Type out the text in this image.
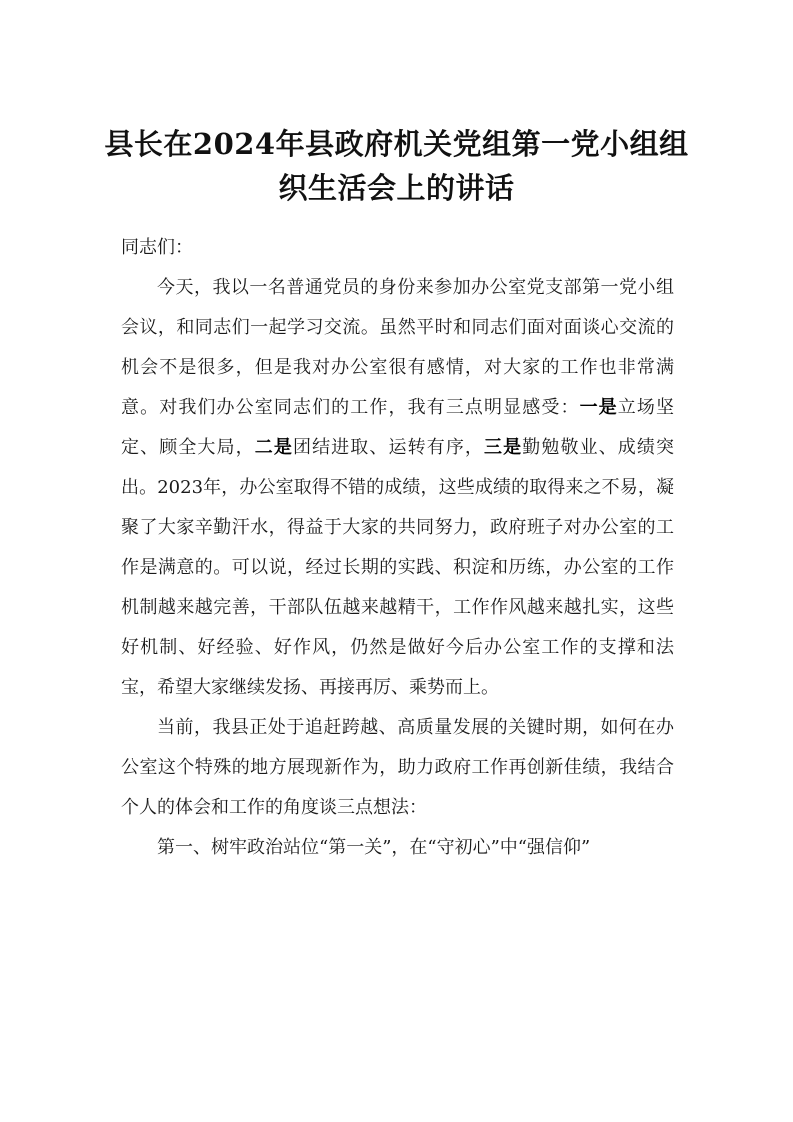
县长在2024年县政府机关党组第一党小组组织生活会上的讲话

同志们：

今天，我以一名普通党员的身份来参加办公室党支部第一党小组会议，和同志们一起学习交流。虽然平时和同志们面对面谈心交流的机会不是很多，但是我对办公室很有感情，对大家的工作也非常满意。对我们办公室同志们的工作，我有三点明显感受：一是立场坚定、顾全大局，二是团结进取、运转有序，三是勤勉敬业、成绩突出。2023年，办公室取得不错的成绩，这些成绩的取得来之不易，凝聚了大家辛勤汗水，得益于大家的共同努力，政府班子对办公室的工作是满意的。可以说，经过长期的实践、积淀和历练，办公室的工作机制越来越完善，干部队伍越来越精干，工作作风越来越扎实，这些好机制、好经验、好作风，仍然是做好今后办公室工作的支撑和法宝，希望大家继续发扬、再接再厉、乘势而上。

当前，我县正处于追赶跨越、高质量发展的关键时期，如何在办公室这个特殊的地方展现新作为，助力政府工作再创新佳绩，我结合个人的体会和工作的角度谈三点想法：

第一、树牢政治站位“第一关”，在“守初心”中“强信仰”
